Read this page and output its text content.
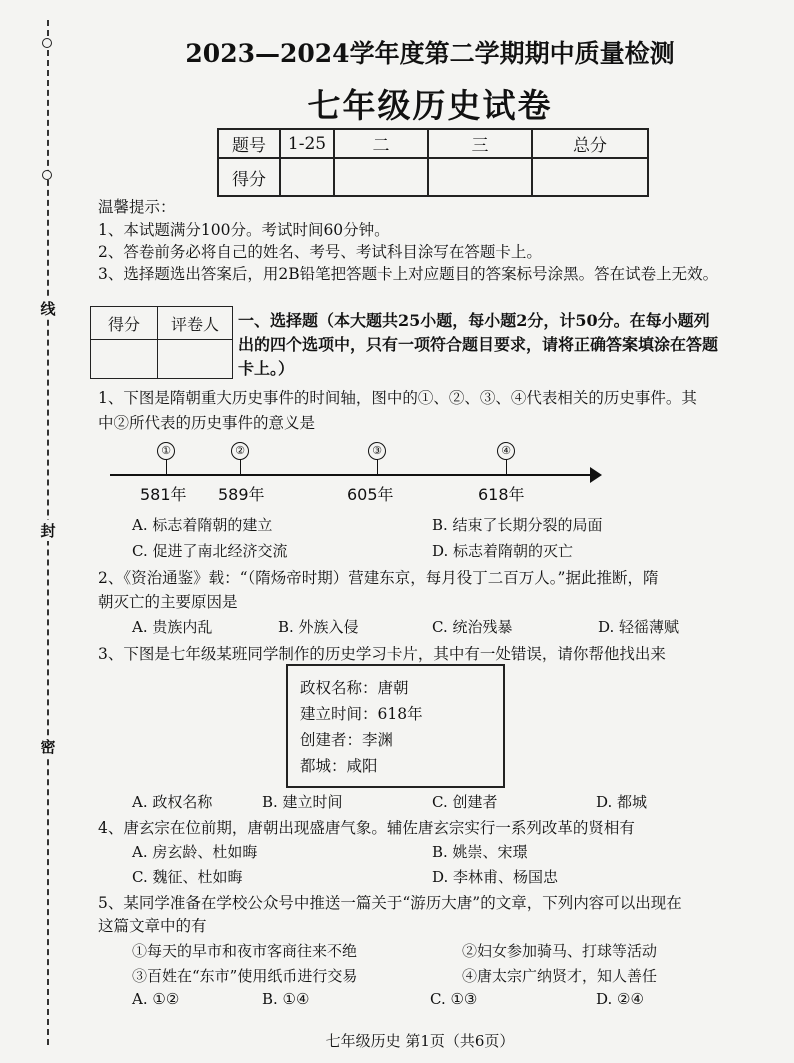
线
封
密
2023—2024学年度第二学期期中质量检测
七年级历史试卷
题号	1-25	二	三	总分
得分				
温馨提示：
1、本试题满分100分。考试时间60分钟。
2、答卷前务必将自己的姓名、考号、考试科目涂写在答题卡上。
3、选择题选出答案后，用2B铅笔把答题卡上对应题目的答案标号涂黑。答在试卷上无效。
得分	评卷人
	一、选择题（本大题共25小题，每小题2分，计50分。在每小题列
出的四个选项中，只有一项符合题目要求，请将正确答案填涂在答题
卡上。）
1、下图是隋朝重大历史事件的时间轴，图中的①、②、③、④代表相关的历史事件。其
中②所代表的历史事件的意义是
①	②	③	④
581年 589年	605年	618年
A. 标志着隋朝的建立	B. 结束了长期分裂的局面
C. 促进了南北经济交流	D. 标志着隋朝的灭亡
2、《资治通鉴》载：“（隋炀帝时期）营建东京，每月役丁二百万人。”据此推断，隋
朝灭亡的主要原因是
A. 贵族内乱	B. 外族入侵	C. 统治残暴	D. 轻徭薄赋
3、下图是七年级某班同学制作的历史学习卡片，其中有一处错误，请你帮他找出来
政权名称：唐朝
建立时间：618年
创建者：李渊
都城：咸阳
A. 政权名称	B. 建立时间	C. 创建者	D. 都城
4、唐玄宗在位前期，唐朝出现盛唐气象。辅佐唐玄宗实行一系列改革的贤相有
A. 房玄龄、杜如晦	B. 姚崇、宋璟
C. 魏征、杜如晦	D. 李林甫、杨国忠
5、某同学准备在学校公众号中推送一篇关于“游历大唐”的文章，下列内容可以出现在
这篇文章中的有
①每天的早市和夜市客商往来不绝	②妇女参加骑马、打球等活动
③百姓在“东市”使用纸币进行交易	④唐太宗广纳贤才，知人善任
A. ①②	B. ①④	C. ①③	D. ②④
七年级历史 第1页（共6页）
